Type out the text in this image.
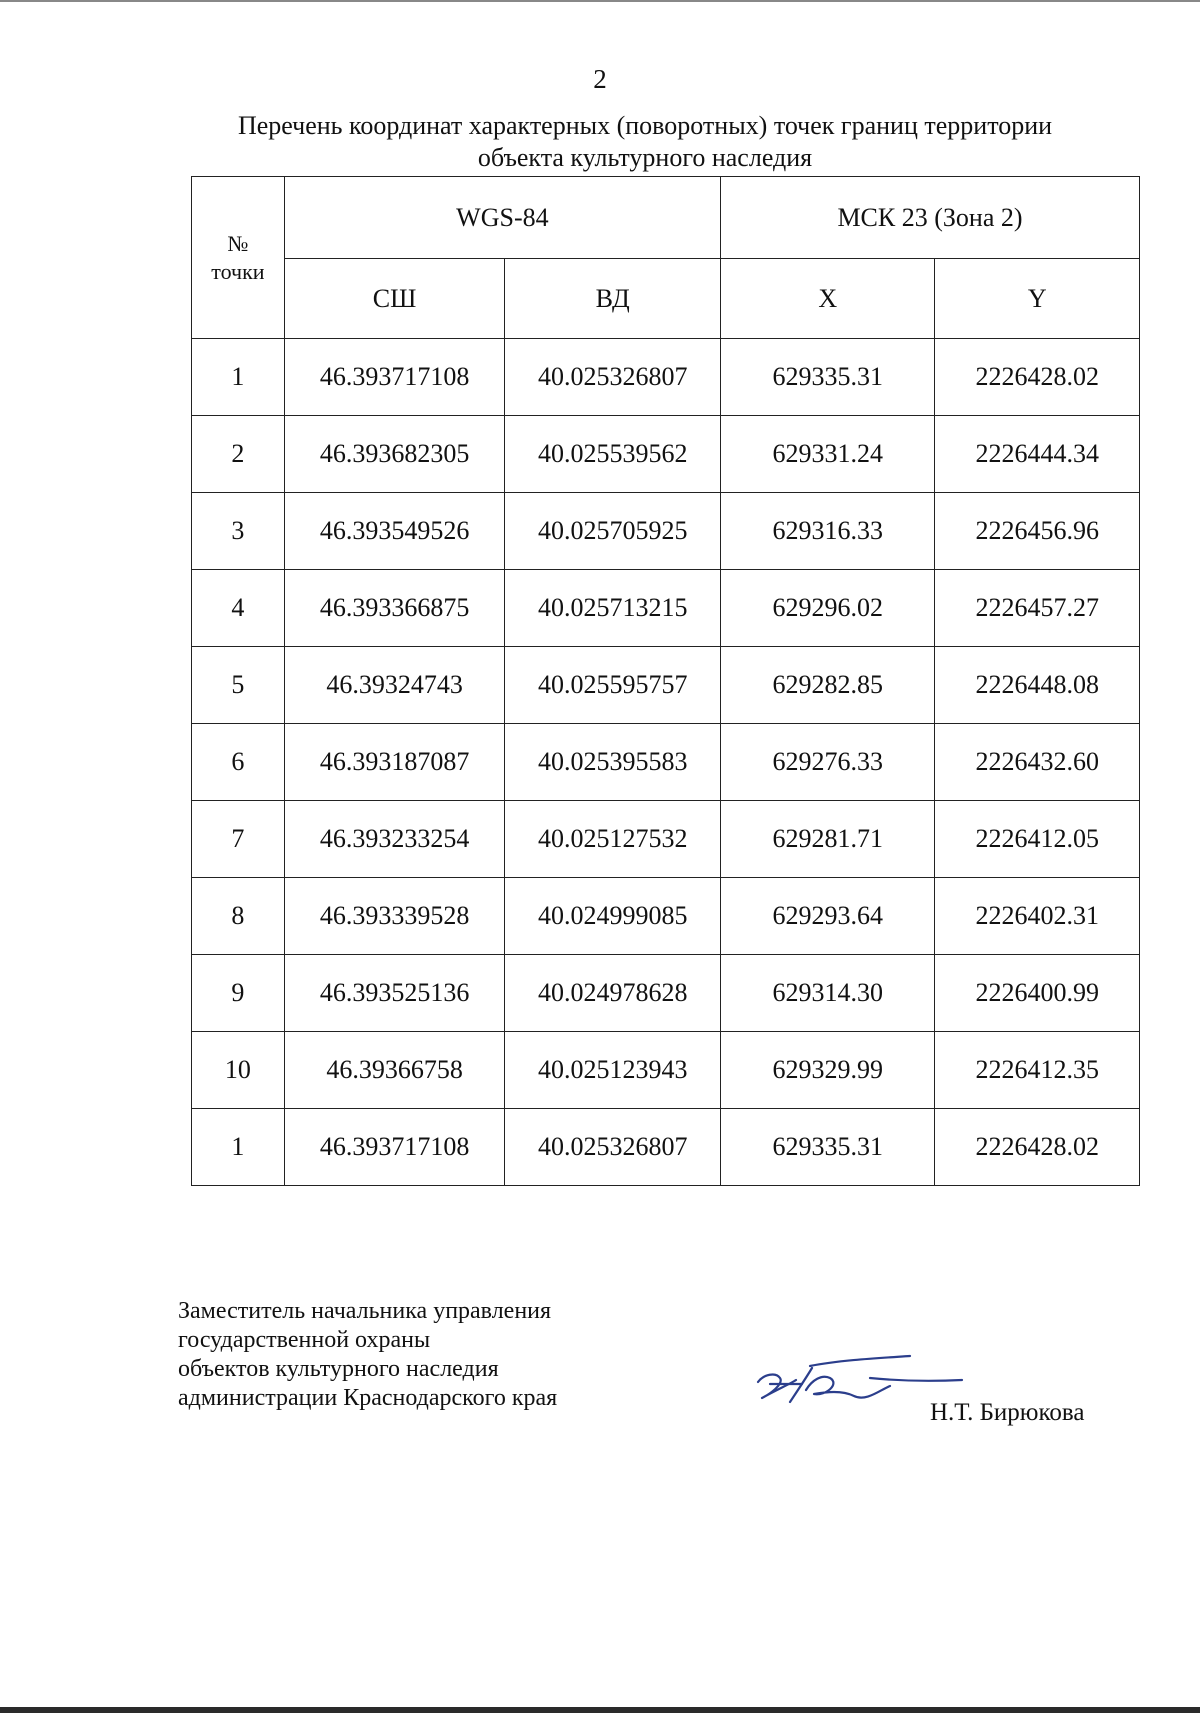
2
Перечень координат характерных (поворотных) точек границ территории
объекта культурного наследия
№
точки	WGS-84		МСК 23 (Зона 2)	
	СШ	ВД	X	Y
1	46.393717108	40.025326807	629335.31	2226428.02
2	46.393682305	40.025539562	629331.24	2226444.34
3	46.393549526	40.025705925	629316.33	2226456.96
4	46.393366875	40.025713215	629296.02	2226457.27
5	46.39324743	40.025595757	629282.85	2226448.08
6	46.393187087	40.025395583	629276.33	2226432.60
7	46.393233254	40.025127532	629281.71	2226412.05
8	46.393339528	40.024999085	629293.64	2226402.31
9	46.393525136	40.024978628	629314.30	2226400.99
10	46.39366758	40.025123943	629329.99	2226412.35
1	46.393717108	40.025326807	629335.31	2226428.02
Заместитель начальника управления
государственной охраны
объектов культурного наследия
администрации Краснодарского края
Н.Т. Бирюкова
